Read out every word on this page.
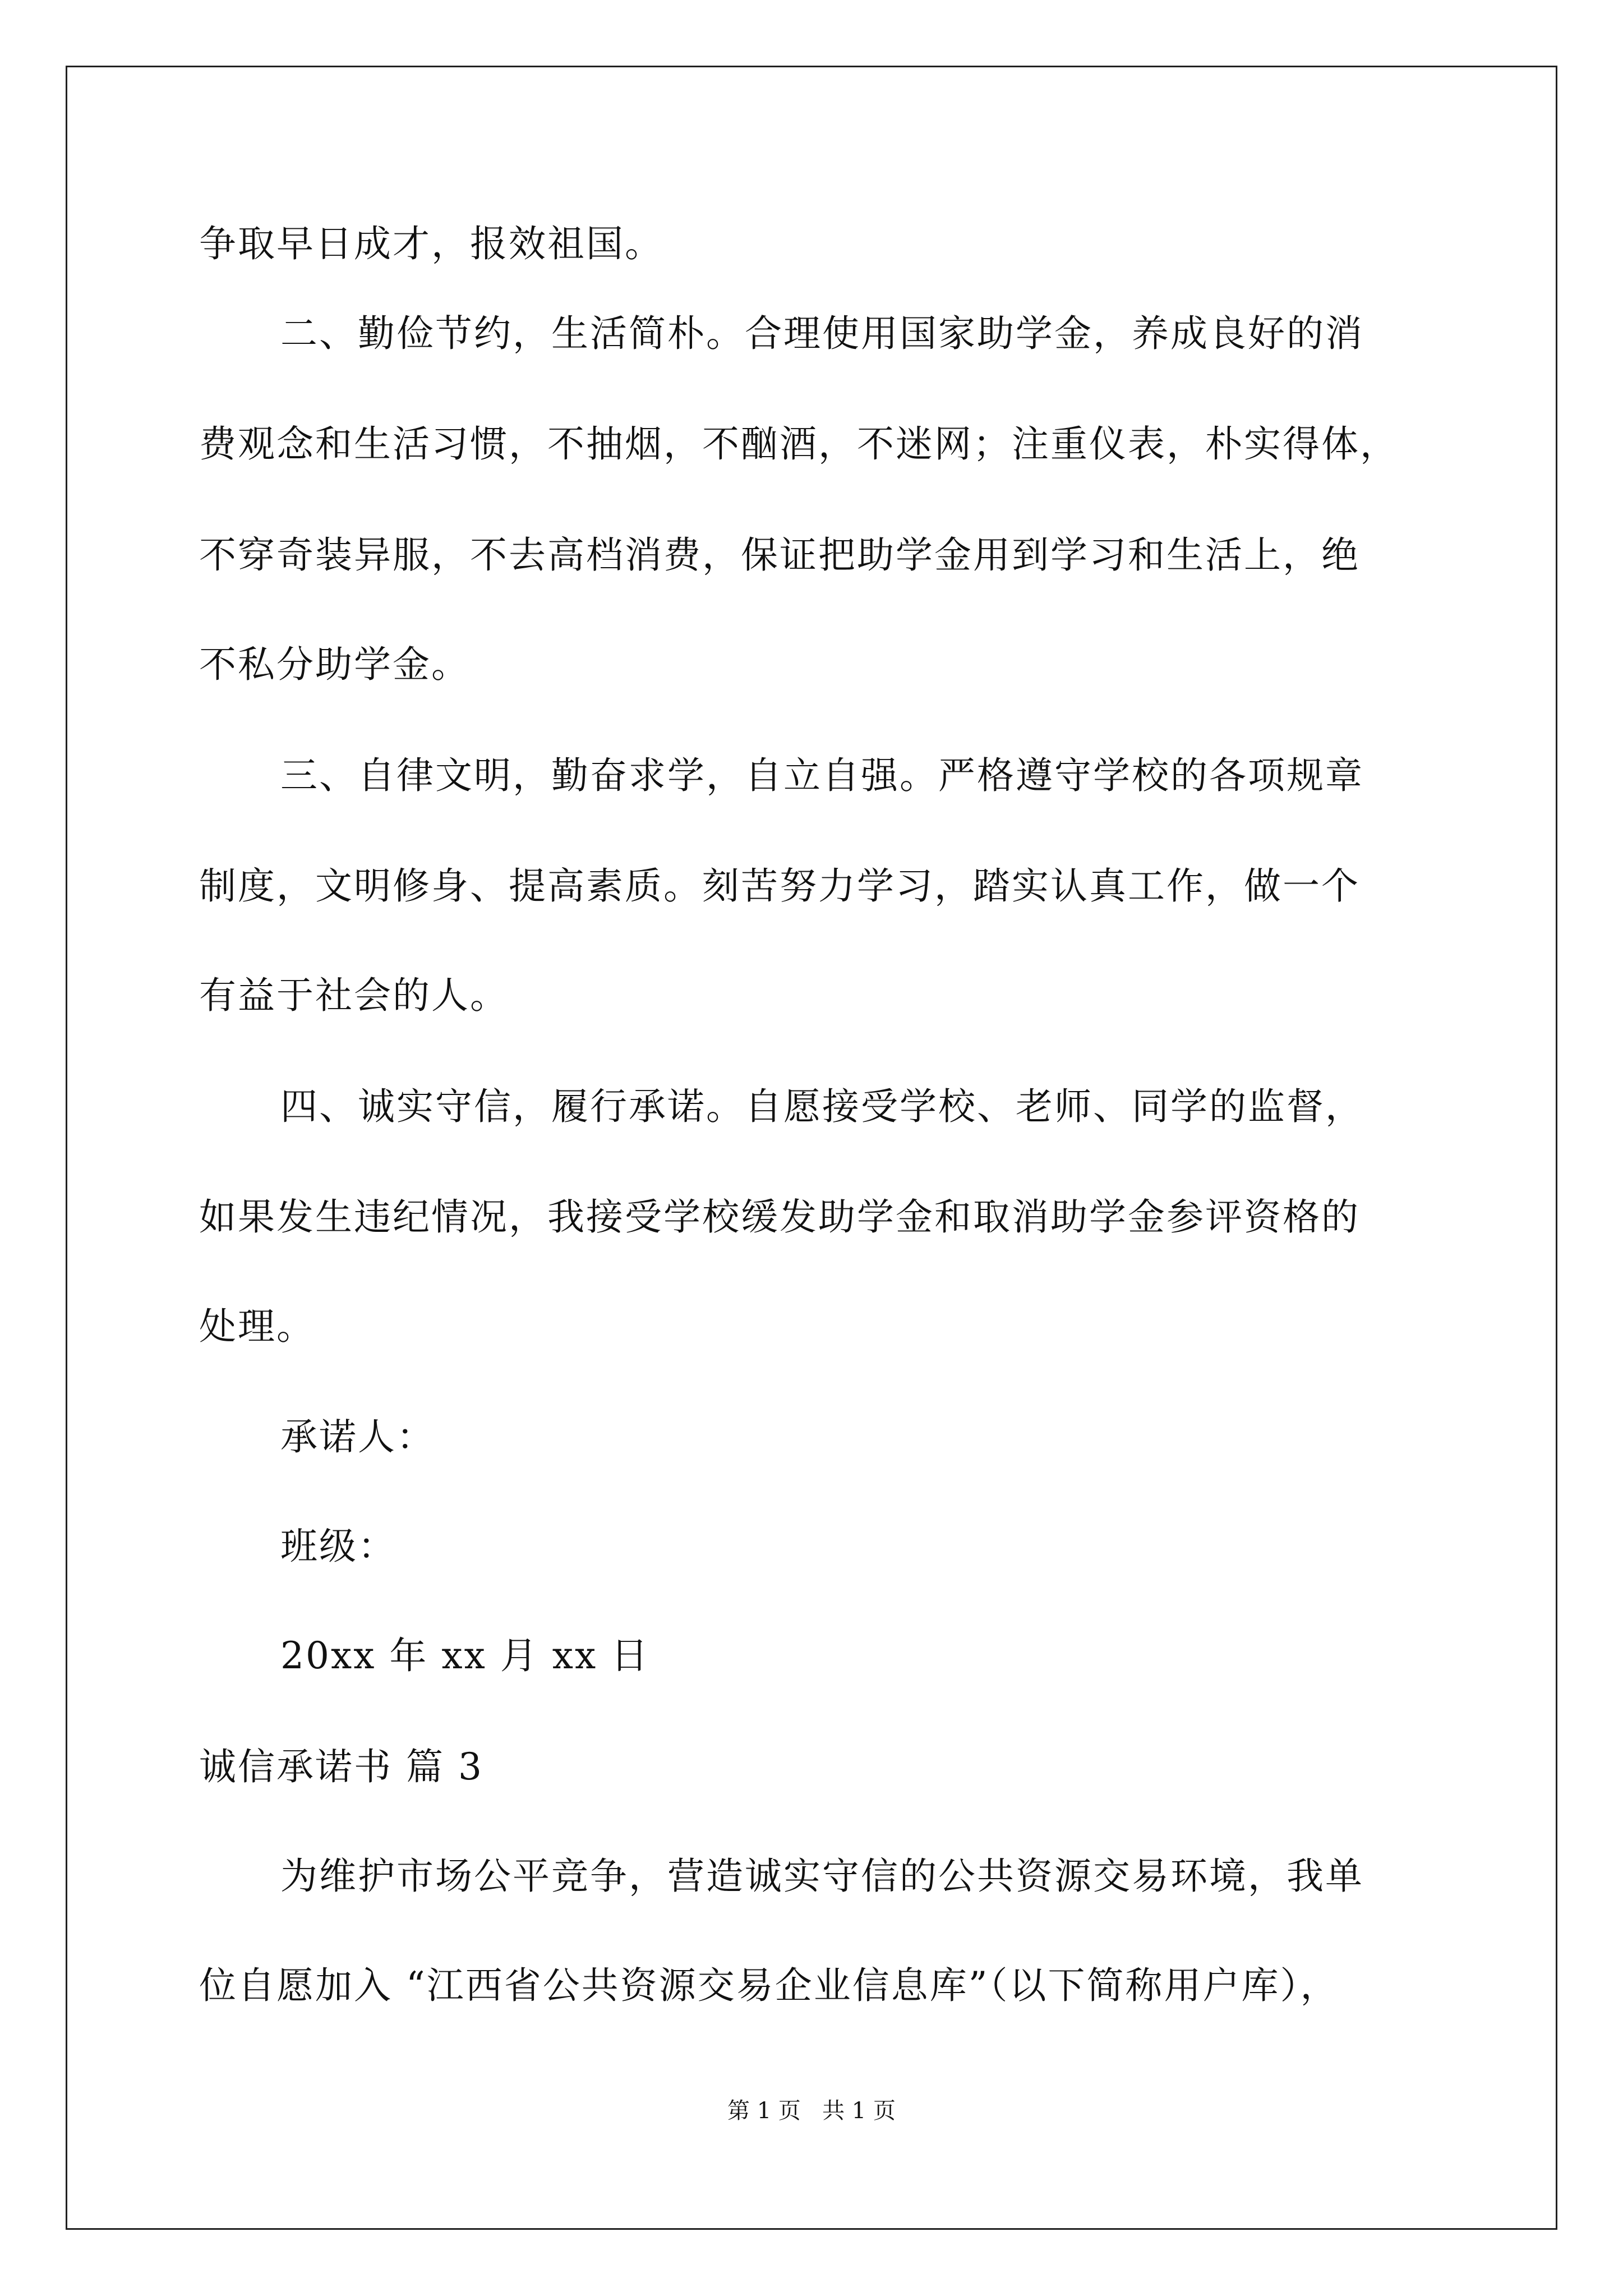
争取早日成才，报效祖国。
二、勤俭节约，生活简朴。合理使用国家助学金，养成良好的消
费观念和生活习惯，不抽烟，不酗酒，不迷网；注重仪表，朴实得体，
不穿奇装异服，不去高档消费，保证把助学金用到学习和生活上，绝
不私分助学金。
三、自律文明，勤奋求学，自立自强。严格遵守学校的各项规章
制度，文明修身、提高素质。刻苦努力学习，踏实认真工作，做一个
有益于社会的人。
四、诚实守信，履行承诺。自愿接受学校、老师、同学的监督，
如果发生违纪情况，我接受学校缓发助学金和取消助学金参评资格的
处理。
承诺人：
班级：
20xx 年 xx 月 xx 日
诚信承诺书 篇 3
为维护市场公平竞争，营造诚实守信的公共资源交易环境，我单
位自愿加入 “江西省公共资源交易企业信息库”（以下简称用户库），
第 1 页   共 1 页
